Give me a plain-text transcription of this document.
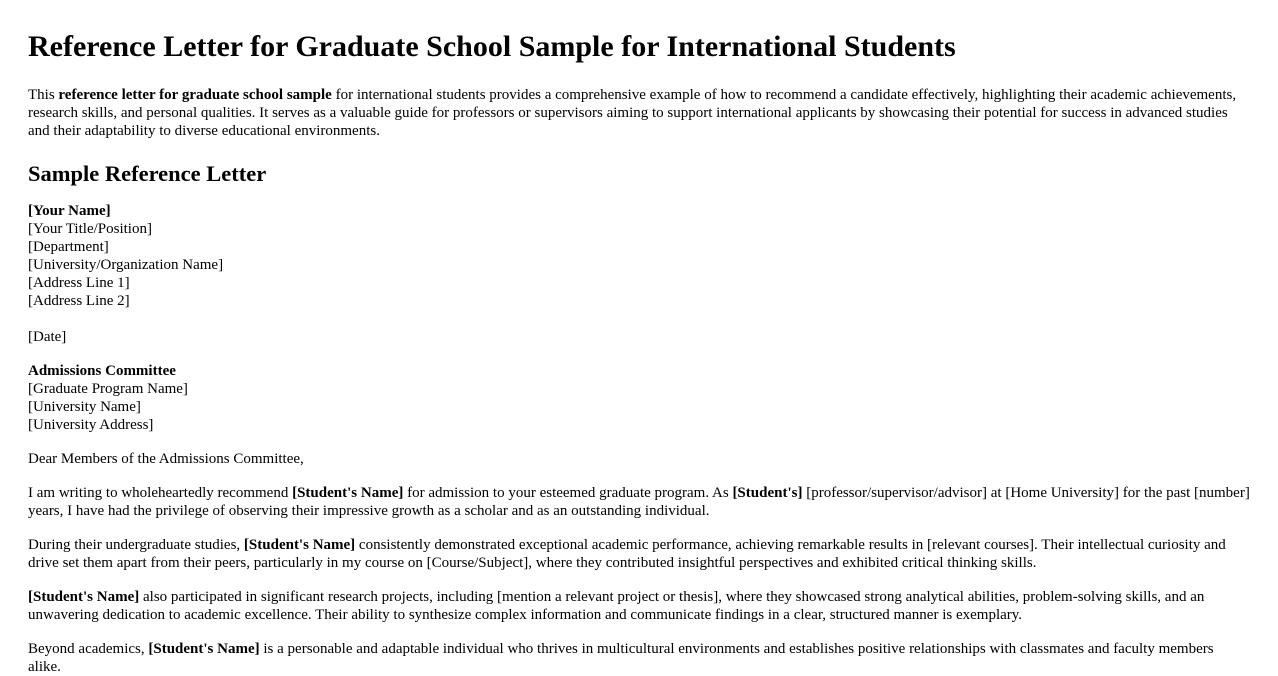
Reference Letter for Graduate School Sample for International Students

This reference letter for graduate school sample for international students provides a comprehensive example of how to recommend a candidate effectively, highlighting their academic achievements, research skills, and personal qualities. It serves as a valuable guide for professors or supervisors aiming to support international applicants by showcasing their potential for success in advanced studies and their adaptability to diverse educational environments.

Sample Reference Letter
[Your Name]
[Your Title/Position]
[Department]
[University/Organization Name]
[Address Line 1]
[Address Line 2]
[Date]
Admissions Committee
[Graduate Program Name]
[University Name]
[University Address]

Dear Members of the Admissions Committee,

I am writing to wholeheartedly recommend [Student's Name] for admission to your esteemed graduate program. As [Student's] [professor/supervisor/advisor] at [Home University] for the past [number] years, I have had the privilege of observing their impressive growth as a scholar and as an outstanding individual.

During their undergraduate studies, [Student's Name] consistently demonstrated exceptional academic performance, achieving remarkable results in [relevant courses]. Their intellectual curiosity and drive set them apart from their peers, particularly in my course on [Course/Subject], where they contributed insightful perspectives and exhibited critical thinking skills.

[Student's Name] also participated in significant research projects, including [mention a relevant project or thesis], where they showcased strong analytical abilities, problem-solving skills, and an unwavering dedication to academic excellence. Their ability to synthesize complex information and communicate findings in a clear, structured manner is exemplary.

Beyond academics, [Student's Name] is a personable and adaptable individual who thrives in multicultural environments and establishes positive relationships with classmates and faculty members alike.
